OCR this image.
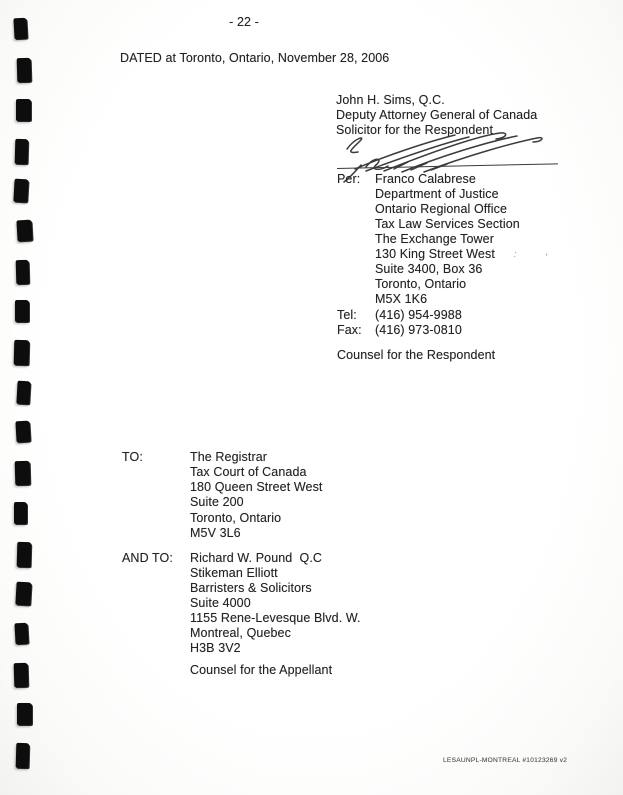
- 22 -
DATED at Toronto, Ontario, November 28, 2006
John H. Sims, Q.C.
Deputy Attorney General of Canada
Solicitor for the Respondent
Per: Franco Calabrese
Department of Justice
Ontario Regional Office
Tax Law Services Section
The Exchange Tower
130 King Street West
Suite 3400, Box 36
Toronto, Ontario
M5X 1K6
Tel: (416) 954-9988
Fax: (416) 973-0810
Counsel for the Respondent
:	'
TO:	The Registrar
Tax Court of Canada
180 Queen Street West
Suite 200
Toronto, Ontario
M5V 3L6
AND TO: Richard W. Pound  Q.C
Stikeman Elliott
Barristers & Solicitors
Suite 4000
1155 Rene-Levesque Blvd. W.
Montreal, Quebec
H3B 3V2
Counsel for the Appellant
LESAUNPL-MONTREAL #10123269 v2
